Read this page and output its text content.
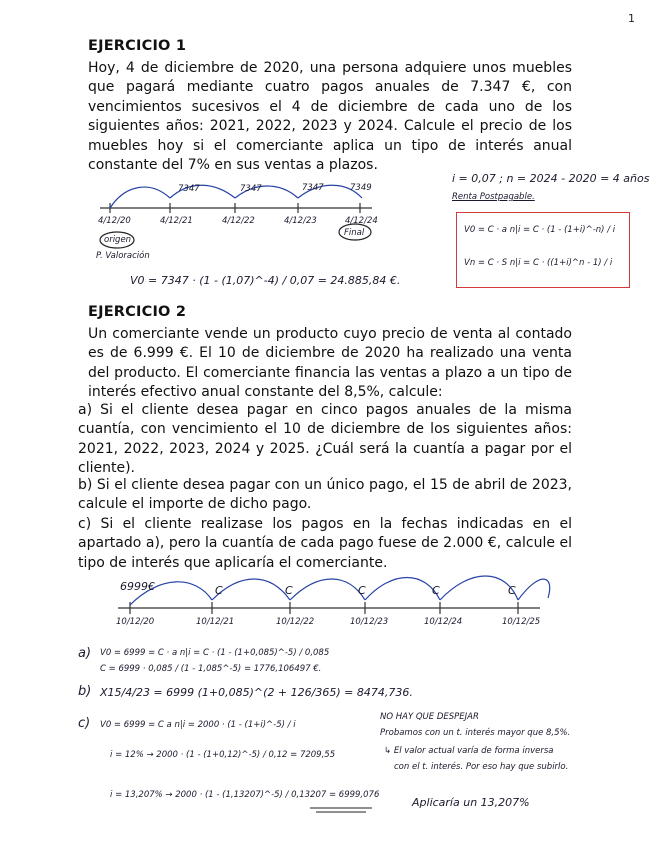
1
EJERCICIO 1
Hoy, 4 de diciembre de 2020, una persona adquiere unos muebles que pagará mediante cuatro pagos anuales de 7.347 €, con vencimientos sucesivos el 4 de diciembre de cada uno de los siguientes años: 2021, 2022, 2023 y 2024. Calcule el precio de los muebles hoy si el comerciante aplica un tipo de interés anual constante del 7% en sus ventas a plazos.
i = 0,07 ; n = 2024 - 2020 = 4 años
Renta Postpagable.
7347	7347	7347	7349
4/12/20	4/12/21	4/12/22	4/12/23	4/12/24
origen
P. Valoración
Final	V0 = C · a n|i = C · (1 - (1+i)^-n) / i
Vn = C · S n|i = C · ((1+i)^n - 1) / i
V0 = 7347 · (1 - (1,07)^-4) / 0,07 = 24.885,84 €.
EJERCICIO 2
Un comerciante vende un producto cuyo precio de venta al contado es de 6.999 €. El 10 de diciembre de 2020 ha realizado una venta del producto. El comerciante financia las ventas a plazo a un tipo de interés efectivo anual constante del 8,5%, calcule:
a) Si el cliente desea pagar en cinco pagos anuales de la misma cuantía, con vencimiento el 10 de diciembre de los siguientes años: 2021, 2022, 2023, 2024 y 2025. ¿Cuál será la cuantía a pagar por el cliente).
b) Si el cliente desea pagar con un único pago, el 15 de abril de 2023, calcule el importe de dicho pago.
c) Si el cliente realizase los pagos en la fechas indicadas en el apartado a), pero la cuantía de cada pago fuese de 2.000 €, calcule el tipo de interés que aplicaría el comerciante.
6999€	C	C	C	C	C
10/12/20	10/12/21	10/12/22	10/12/23	10/12/24	10/12/25
a) V0 = 6999 = C · a n|i = C · (1 - (1+0,085)^-5) / 0,085
C = 6999 · 0,085 / (1 - 1,085^-5) = 1776,106497 €.
b) X15/4/23 = 6999 (1+0,085)^(2 + 126/365) = 8474,736.
c) V0 = 6999 = C a n|i = 2000 · (1 - (1+i)^-5) / i
i = 12% → 2000 · (1 - (1+0,12)^-5) / 0,12 = 7209,55
i = 13,207% → 2000 · (1 - (1,13207)^-5) / 0,13207 = 6999,076
NO HAY QUE DESPEJAR
Probamos con un t. interés mayor que 8,5%.
↳ El valor actual varía de forma inversa
con el t. interés. Por eso hay que subirlo.
Aplicaría un 13,207%
